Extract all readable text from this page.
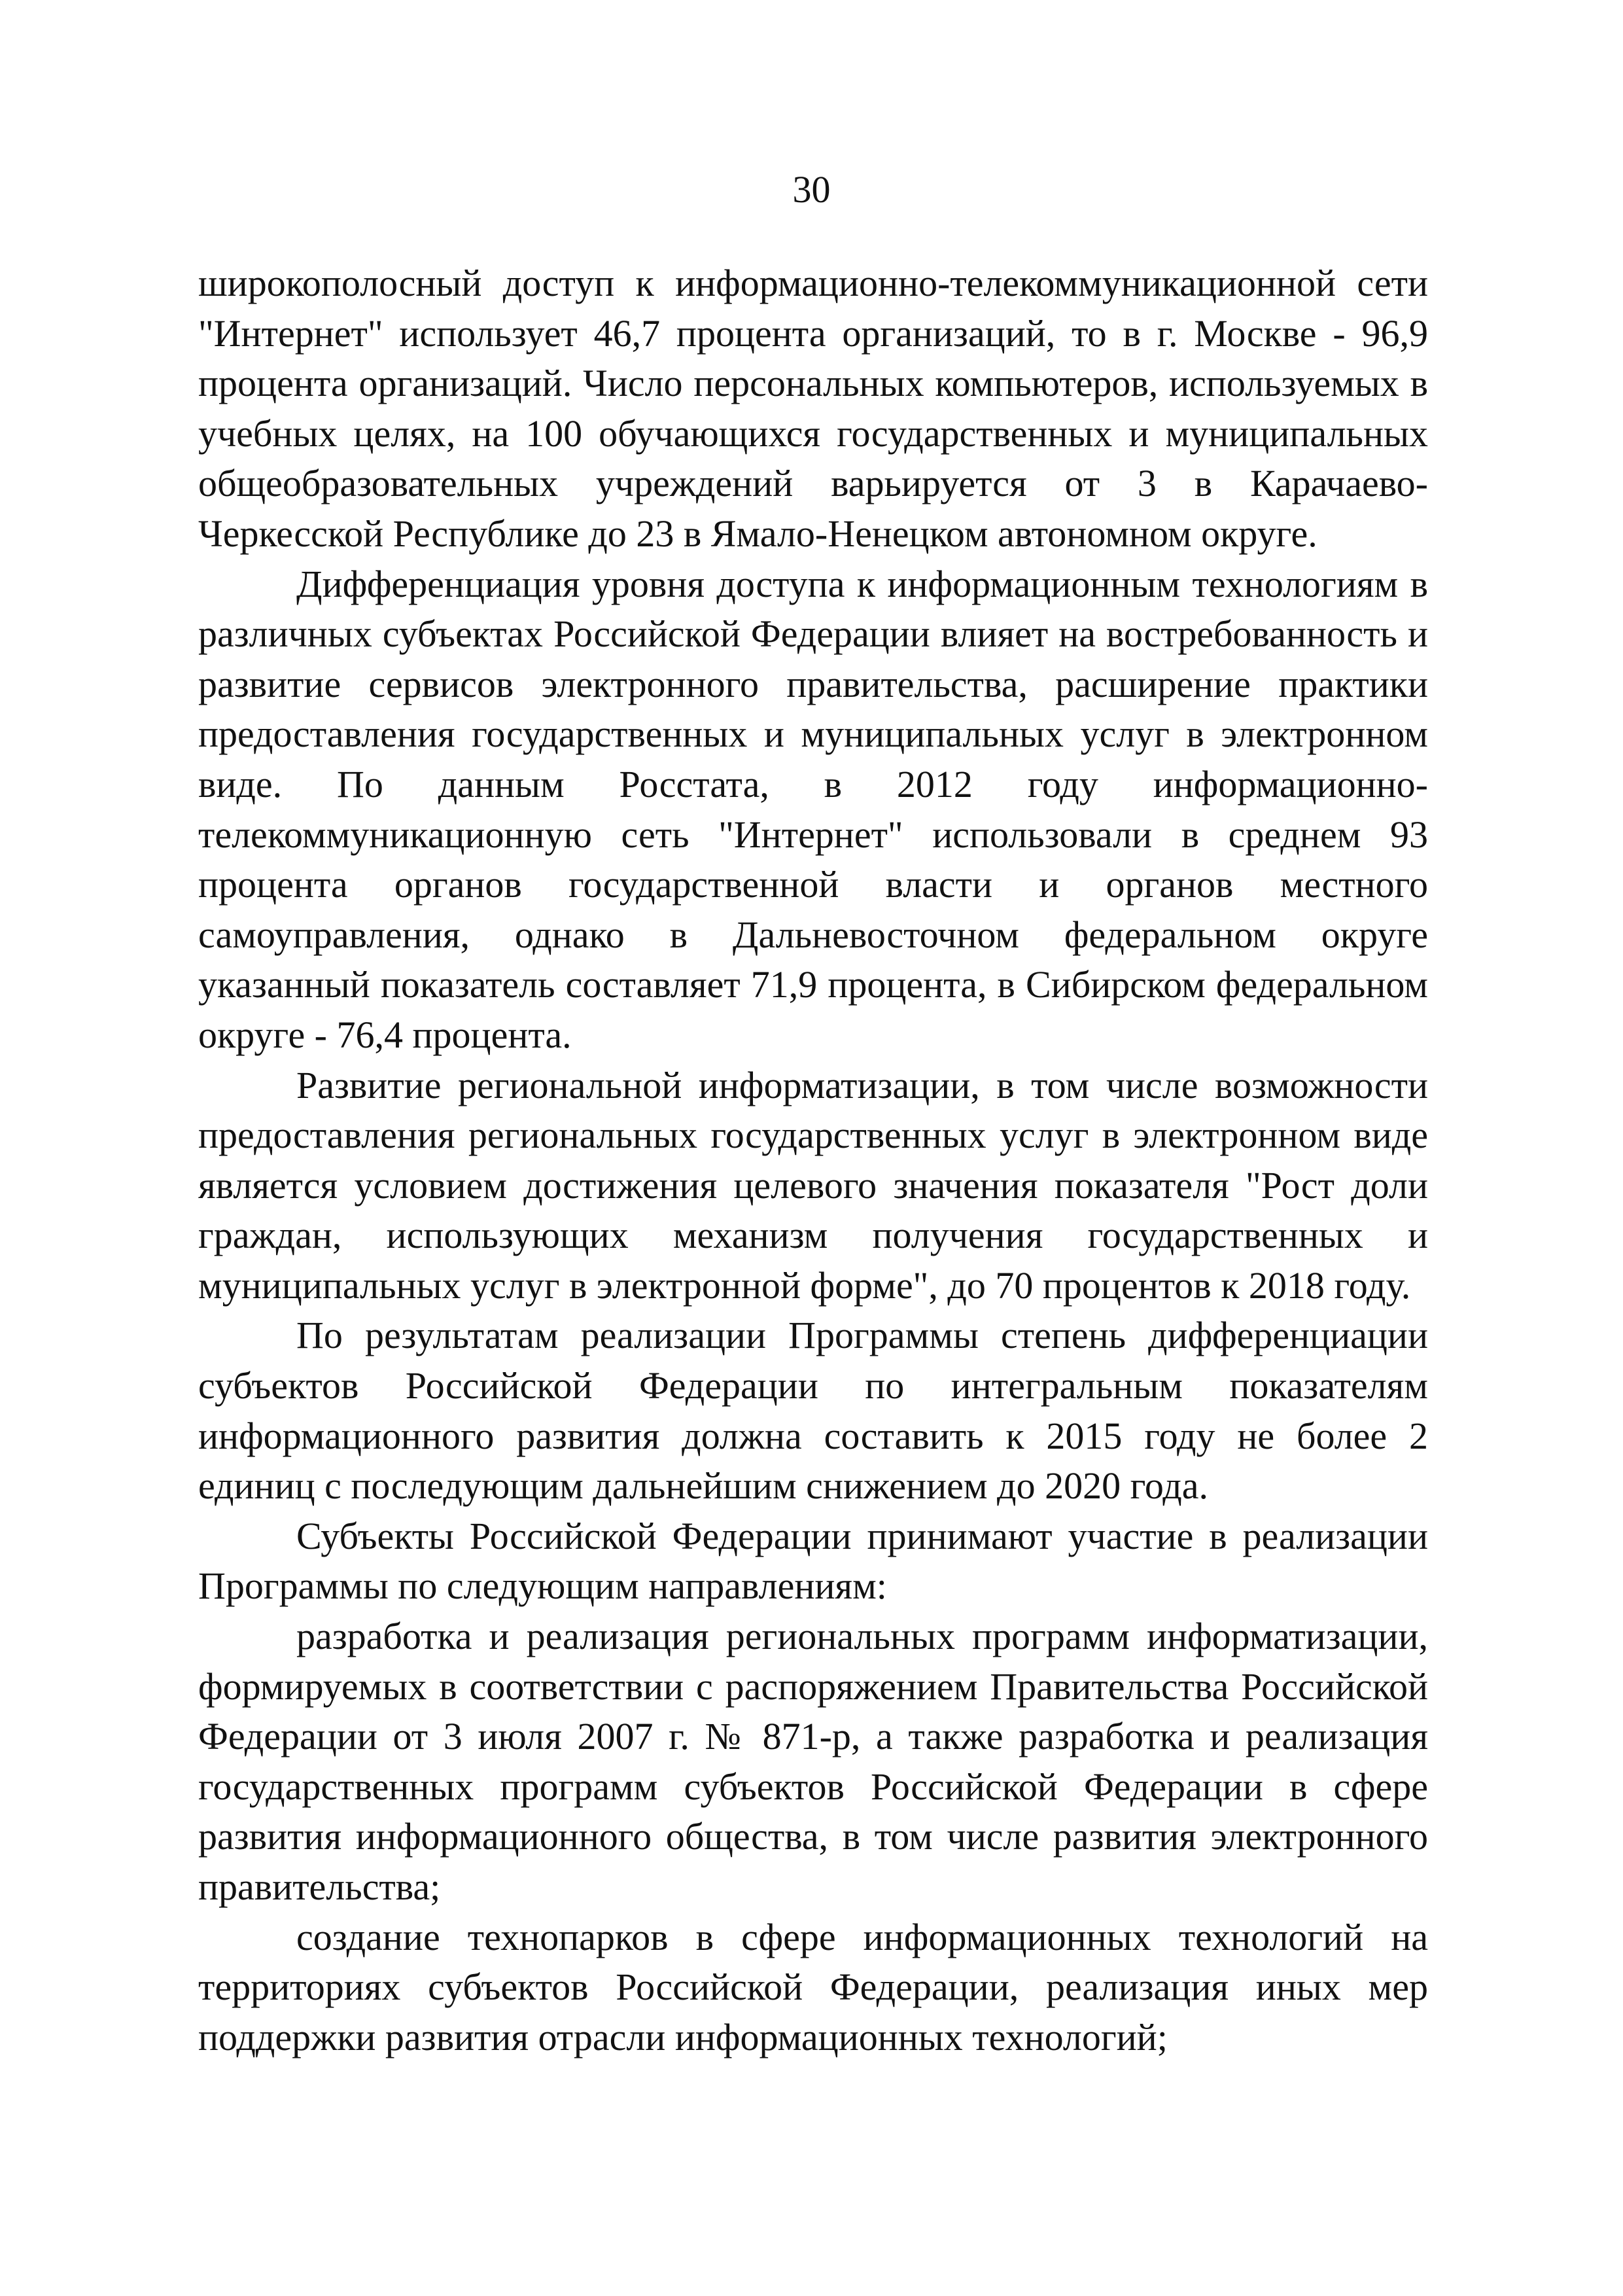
30

широкополосный доступ к информационно-телекоммуникационной сети "Интернет" использует 46,7 процента организаций, то в г. Москве - 96,9 процента организаций. Число персональных компьютеров, используемых в учебных целях, на 100 обучающихся государственных и муниципальных общеобразовательных учреждений варьируется от 3 в Карачаево-Черкесской Республике до 23 в Ямало-Ненецком автономном округе.

Дифференциация уровня доступа к информационным технологиям в различных субъектах Российской Федерации влияет на востребованность и развитие сервисов электронного правительства, расширение практики предоставления государственных и муниципальных услуг в электронном виде. По данным Росстата, в 2012 году информационно-телекоммуникационную сеть "Интернет" использовали в среднем 93 процента органов государственной власти и органов местного самоуправления, однако в Дальневосточном федеральном округе указанный показатель составляет 71,9 процента, в Сибирском федеральном округе - 76,4 процента.

Развитие региональной информатизации, в том числе возможности предоставления региональных государственных услуг в электронном виде является условием достижения целевого значения показателя "Рост доли граждан, использующих механизм получения государственных и муниципальных услуг в электронной форме", до 70 процентов к 2018 году.

По результатам реализации Программы степень дифференциации субъектов Российской Федерации по интегральным показателям информационного развития должна составить к 2015 году не более 2 единиц с последующим дальнейшим снижением до 2020 года.

Субъекты Российской Федерации принимают участие в реализации Программы по следующим направлениям:

разработка и реализация региональных программ информатизации, формируемых в соответствии с распоряжением Правительства Российской Федерации от 3 июля 2007 г. № 871-р, а также разработка и реализация государственных программ субъектов Российской Федерации в сфере развития информационного общества, в том числе развития электронного правительства;

создание технопарков в сфере информационных технологий на территориях субъектов Российской Федерации, реализация иных мер поддержки развития отрасли информационных технологий;
